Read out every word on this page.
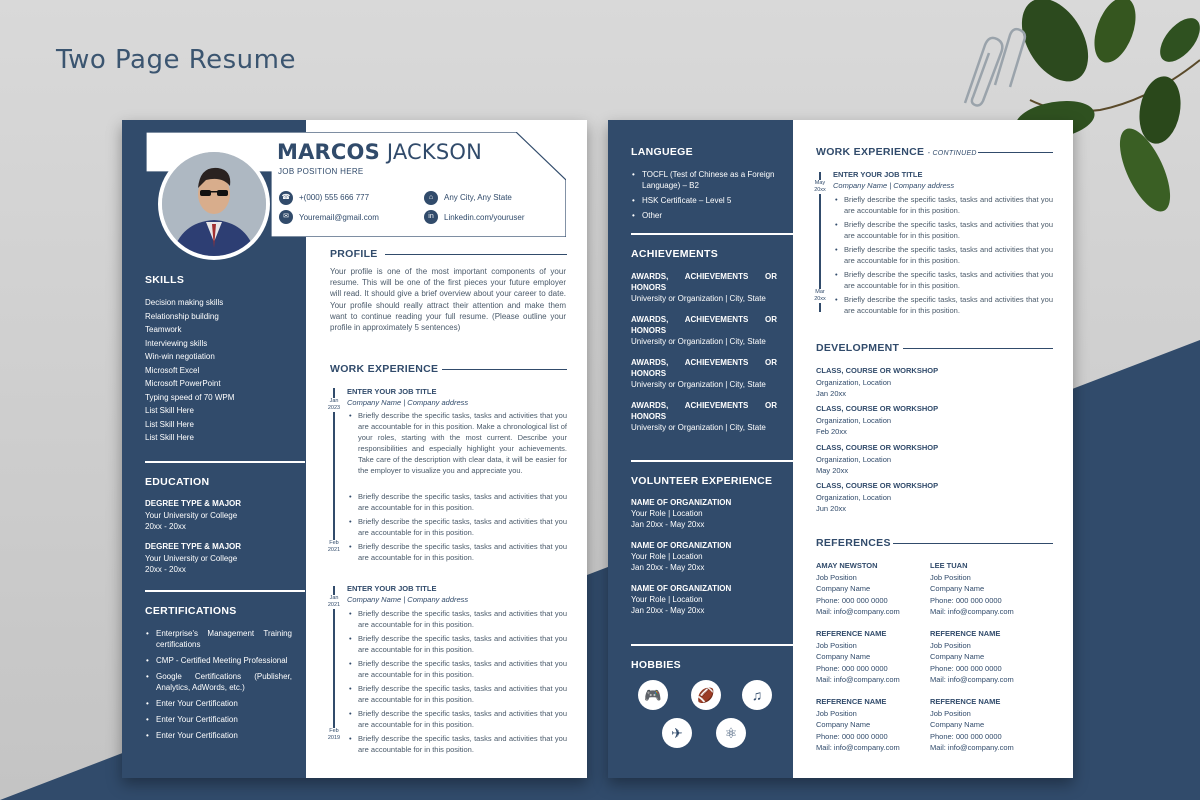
Two Page Resume
MARCOS JACKSON
JOB POSITION HERE
☎	+(000) 555 666 777	⌂	Any City, Any State
✉	Youremail@gmail.com	in	Linkedin.com/youruser
SKILLS
Decision making skills
Relationship building
Teamwork
Interviewing skills
Win-win negotiation
Microsoft Excel
Microsoft PowerPoint
Typing speed of 70 WPM
List Skill Here
List Skill Here
List Skill Here
EDUCATION
DEGREE TYPE & MAJOR
Your University or College
20xx - 20xx
DEGREE TYPE & MAJOR
Your University or College
20xx - 20xx
CERTIFICATIONS
• Enterprise's Management Training certifications
• CMP - Certified Meeting Professional
• Google Certifications (Publisher, Analytics, AdWords, etc.)
• Enter Your Certification
• Enter Your Certification
• Enter Your Certification
PROFILE
Your profile is one of the most important components of your resume. This will be one of the first pieces your future employer will read. It should give a brief overview about your career to date. Your profile should really attract their attention and make them want to continue reading your full resume. (Please outline your profile in approximately 5 sentences)
WORK EXPERIENCE
Jan 2023
Feb 2021
ENTER YOUR JOB TITLE
Company Name | Company address
• Briefly describe the specific tasks, tasks and activities that you are accountable for in this position. Make a chronological list of your roles, starting with the most current. Describe your responsibilities and especially highlight your achievements. Take care of the description with clear data, it will be easier for the employer to visualize you and appreciate you.
• Briefly describe the specific tasks, tasks and activities that you are accountable for in this position.
• Briefly describe the specific tasks, tasks and activities that you are accountable for in this position.
• Briefly describe the specific tasks, tasks and activities that you are accountable for in this position.
Jan 2021
Feb 2019
ENTER YOUR JOB TITLE
Company Name | Company address
• Briefly describe the specific tasks, tasks and activities that you are accountable for in this position.
• Briefly describe the specific tasks, tasks and activities that you are accountable for in this position.
• Briefly describe the specific tasks, tasks and activities that you are accountable for in this position.
• Briefly describe the specific tasks, tasks and activities that you are accountable for in this position.
• Briefly describe the specific tasks, tasks and activities that you are accountable for in this position.
• Briefly describe the specific tasks, tasks and activities that you are accountable for in this position.
LANGUEGE
• TOCFL (Test of Chinese as a Foreign Language) – B2
• HSK Certificate – Level 5
• Other
ACHIEVEMENTS
AWARDS, ACHIEVEMENTS OR HONORS
University or Organization | City, State
AWARDS, ACHIEVEMENTS OR HONORS
University or Organization | City, State
AWARDS, ACHIEVEMENTS OR HONORS
University or Organization | City, State
AWARDS, ACHIEVEMENTS OR HONORS
University or Organization | City, State
VOLUNTEER EXPERIENCE
NAME OF ORGANIZATION
Your Role | Location
Jan 20xx - May 20xx
NAME OF ORGANIZATION
Your Role | Location
Jan 20xx - May 20xx
NAME OF ORGANIZATION
Your Role | Location
Jan 20xx - May 20xx
HOBBIES
🎮	🏈	♫
✈	⚛
WORK EXPERIENCE - CONTINUED
May 20xx
Mar 20xx
ENTER YOUR JOB TITLE
Company Name | Company address
• Briefly describe the specific tasks, tasks and activities that you are accountable for in this position.
• Briefly describe the specific tasks, tasks and activities that you are accountable for in this position.
• Briefly describe the specific tasks, tasks and activities that you are accountable for in this position.
• Briefly describe the specific tasks, tasks and activities that you are accountable for in this position.
• Briefly describe the specific tasks, tasks and activities that you are accountable for in this position.
DEVELOPMENT
CLASS, COURSE OR WORKSHOP
Organization, Location
Jan 20xx
CLASS, COURSE OR WORKSHOP
Organization, Location
Feb 20xx
CLASS, COURSE OR WORKSHOP
Organization, Location
May 20xx
CLASS, COURSE OR WORKSHOP
Organization, Location
Jun 20xx
REFERENCES
AMAY NEWSTON
Job Position
Company Name
Phone: 000 000 0000
Mail: info@company.com
LEE TUAN
Job Position
Company Name
Phone: 000 000 0000
Mail: info@company.com
REFERENCE NAME
Job Position
Company Name
Phone: 000 000 0000
Mail: info@company.com
REFERENCE NAME
Job Position
Company Name
Phone: 000 000 0000
Mail: info@company.com
REFERENCE NAME
Job Position
Company Name
Phone: 000 000 0000
Mail: info@company.com
REFERENCE NAME
Job Position
Company Name
Phone: 000 000 0000
Mail: info@company.com
